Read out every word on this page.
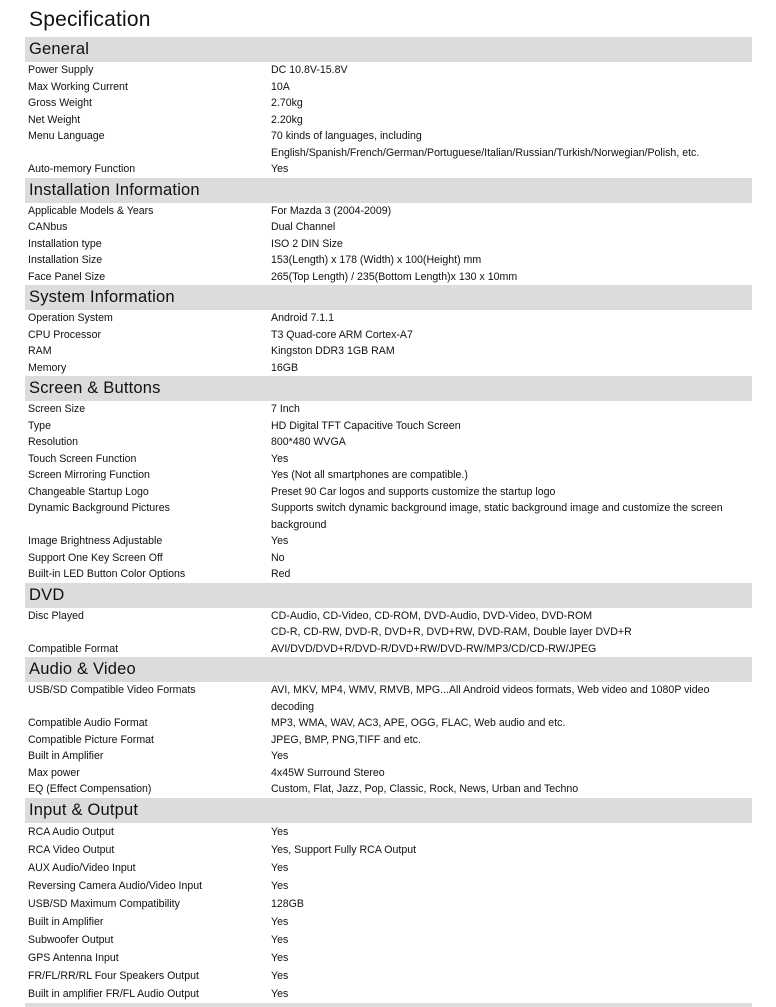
Specification
General
Power Supply	DC 10.8V-15.8V
Max Working Current	10A
Gross Weight	2.70kg
Net Weight	2.20kg
Menu Language	70 kinds of languages, including
English/Spanish/French/German/Portuguese/Italian/Russian/Turkish/Norwegian/Polish, etc.
Auto-memory Function	Yes
Installation Information
Applicable Models & Years	For Mazda 3 (2004-2009)
CANbus	Dual Channel
Installation type	ISO 2 DIN Size
Installation Size	153(Length) x 178 (Width) x 100(Height) mm
Face Panel Size	265(Top Length) / 235(Bottom Length)x 130 x 10mm
System Information
Operation System	Android 7.1.1
CPU Processor	T3 Quad-core ARM Cortex-A7
RAM	Kingston DDR3 1GB RAM
Memory	16GB
Screen & Buttons
Screen Size	7 Inch
Type	HD Digital TFT Capacitive Touch Screen
Resolution	800*480 WVGA
Touch Screen Function	Yes
Screen Mirroring Function	Yes (Not all smartphones are compatible.)
Changeable Startup Logo	Preset 90 Car logos and supports customize the startup logo
Dynamic Background Pictures	Supports switch dynamic background image, static background image and customize the screen
background
Image Brightness Adjustable	Yes
Support One Key Screen Off	No
Built-in LED Button Color Options	Red
DVD
Disc Played	CD-Audio, CD-Video, CD-ROM, DVD-Audio, DVD-Video, DVD-ROM
CD-R, CD-RW, DVD-R, DVD+R, DVD+RW, DVD-RAM, Double layer DVD+R
Compatible Format	AVI/DVD/DVD+R/DVD-R/DVD+RW/DVD-RW/MP3/CD/CD-RW/JPEG
Audio & Video
USB/SD Compatible Video Formats	AVI, MKV, MP4, WMV, RMVB, MPG...All Android videos formats, Web video and 1080P video
decoding
Compatible Audio Format	MP3, WMA, WAV, AC3, APE, OGG, FLAC, Web audio and etc.
Compatible Picture Format	JPEG, BMP, PNG,TIFF and etc.
Built in Amplifier	Yes
Max power	4x45W Surround Stereo
EQ (Effect Compensation)	Custom, Flat, Jazz, Pop, Classic, Rock, News, Urban and Techno
Input & Output
RCA Audio Output	Yes
RCA Video Output	Yes, Support Fully RCA Output
AUX Audio/Video Input	Yes
Reversing Camera Audio/Video Input	Yes
USB/SD Maximum Compatibility	128GB
Built in Amplifier	Yes
Subwoofer Output	Yes
GPS Antenna Input	Yes
FR/FL/RR/RL Four Speakers Output	Yes
Built in amplifier FR/FL Audio Output	Yes
